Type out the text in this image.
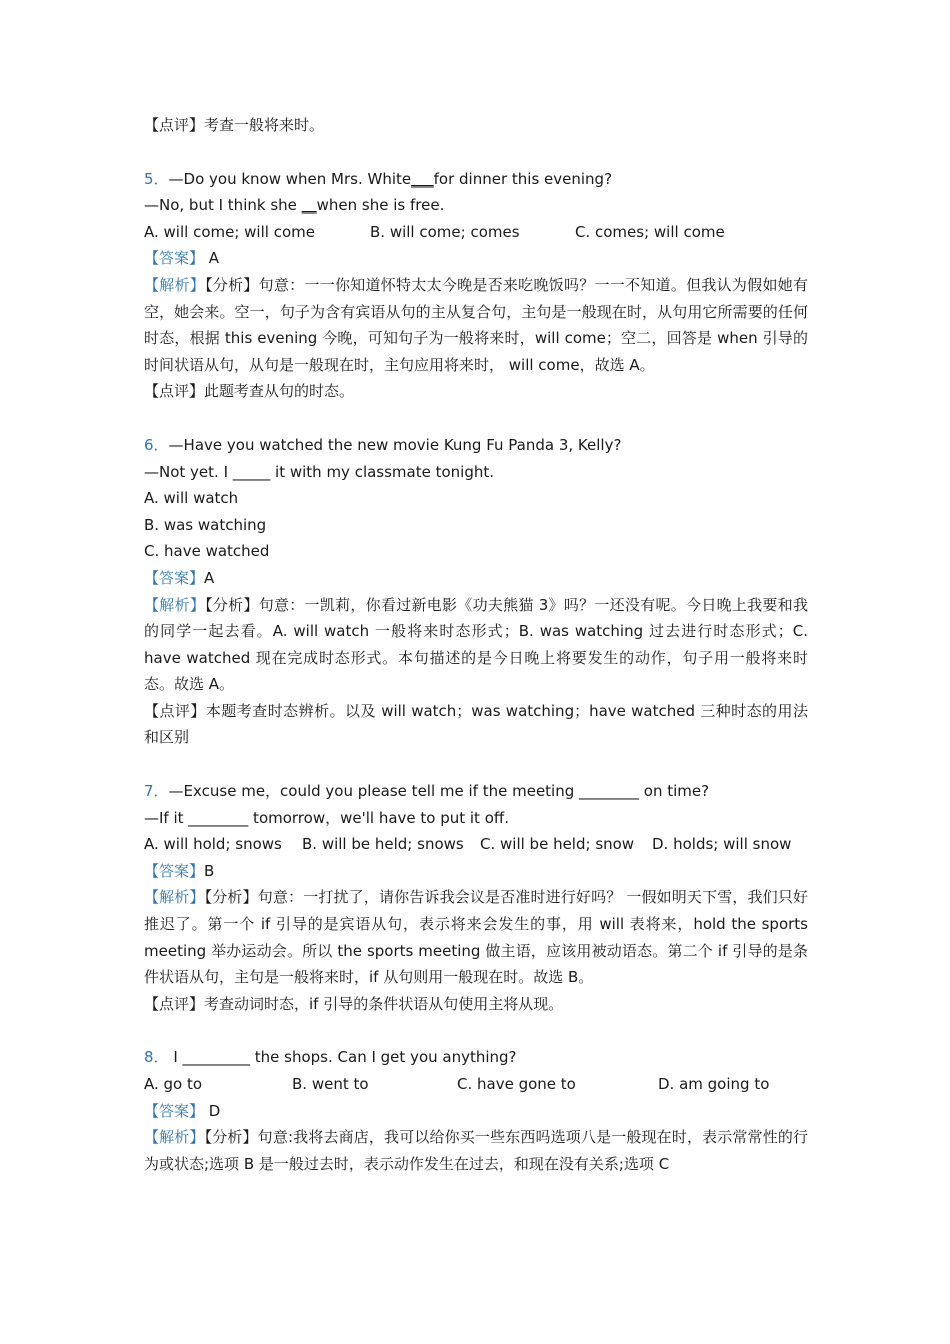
【点评】考查一般将来时。
5．—Do you know when Mrs. White___for dinner this evening?
—No, but I think she __when she is free.
A. will come; will come	B. will come; comes	C. comes; will come
【答案】 A
【解析】【分析】句意：一一你知道怀特太太今晚是否来吃晚饭吗？一一不知道。但我认为假如她有空，她会来。空一，句子为含有宾语从句的主从复合句，主句是一般现在时，从句用它所需要的任何时态，根据 this evening 今晚，可知句子为一般将来时，will come；空二，回答是 when 引导的时间状语从句，从句是一般现在时，主句应用将来时， will come，故选 A。
【点评】此题考查从句的时态。
6．—Have you watched the new movie Kung Fu Panda 3, Kelly?
—Not yet. I _____ it with my classmate tonight.
A. will watch
B. was watching
C. have watched
【答案】A
【解析】【分析】句意：一凯莉，你看过新电影《功夫熊猫 3》吗？一还没有呢。今日晚上我要和我的同学一起去看。A. will watch 一般将来时态形式；B. was watching 过去进行时态形式；C. have watched 现在完成时态形式。本句描述的是今日晚上将要发生的动作，句子用一般将来时态。故选 A。
【点评】本题考查时态辨析。以及 will watch；was watching；have watched 三种时态的用法和区别
7．—Excuse me，could you please tell me if the meeting ________ on time?
—If it ________ tomorrow，we'll have to put it off.
A. will hold; snows	B. will be held; snows	C. will be held; snow	D. holds; will snow
【答案】B
【解析】【分析】句意：一打扰了，请你告诉我会议是否准时进行好吗？ 一假如明天下雪，我们只好推迟了。第一个 if 引导的是宾语从句，表示将来会发生的事，用 will 表将来，hold the sports meeting 举办运动会。所以 the sports meeting 做主语，应该用被动语态。第二个 if 引导的是条件状语从句，主句是一般将来时，if 从句则用一般现在时。故选 B。
【点评】考查动词时态，if 引导的条件状语从句使用主将从现。
8． I _________ the shops. Can I get you anything?
A. go to	B. went to	C. have gone to	D. am going to
【答案】 D
【解析】【分析】句意:我将去商店，我可以给你买一些东西吗选项八是一般现在时，表示常常性的行为或状态;选项 B 是一般过去时，表示动作发生在过去，和现在没有关系;选项 C
